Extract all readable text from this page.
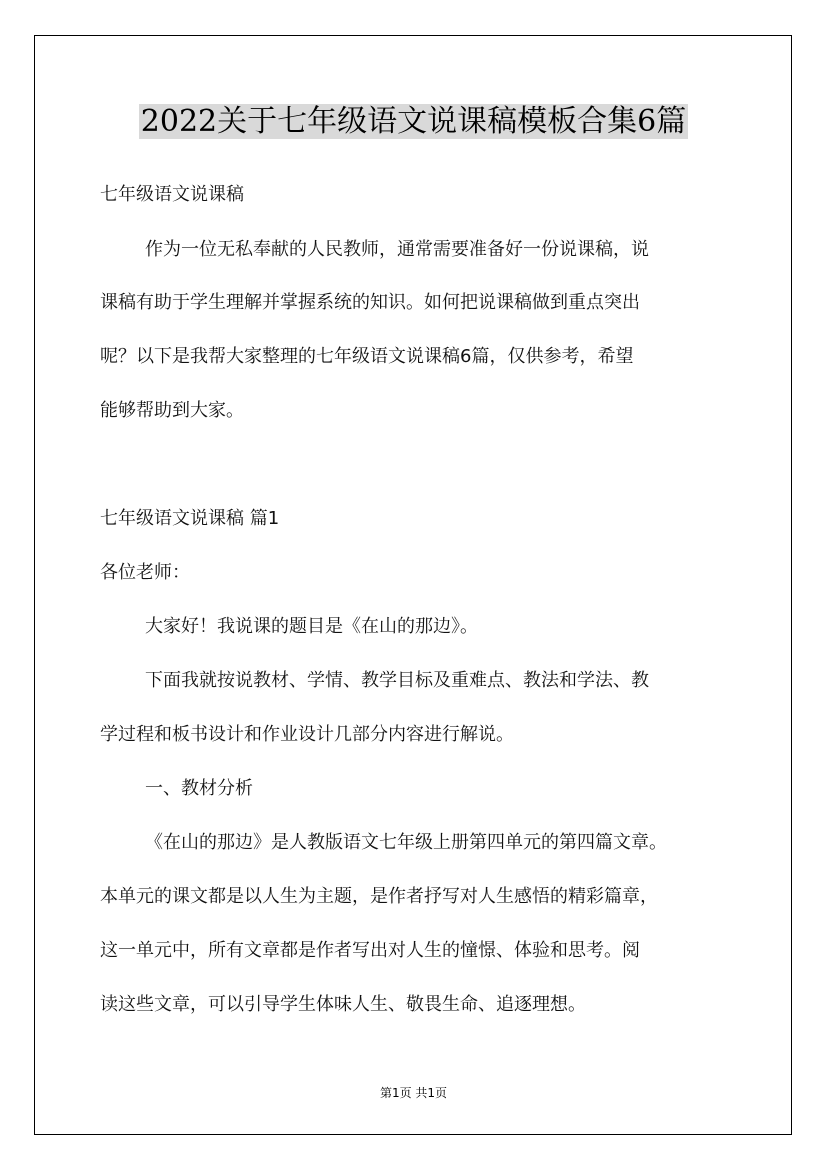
2022关于七年级语文说课稿模板合集6篇
七年级语文说课稿
作为一位无私奉献的人民教师，通常需要准备好一份说课稿，说
课稿有助于学生理解并掌握系统的知识。如何把说课稿做到重点突出
呢？以下是我帮大家整理的七年级语文说课稿6篇，仅供参考，希望
能够帮助到大家。
七年级语文说课稿 篇1
各位老师：
大家好！我说课的题目是《在山的那边》。
下面我就按说教材、学情、教学目标及重难点、教法和学法、教
学过程和板书设计和作业设计几部分内容进行解说。
一、教材分析
《在山的那边》是人教版语文七年级上册第四单元的第四篇文章。
本单元的课文都是以人生为主题，是作者抒写对人生感悟的精彩篇章，
这一单元中，所有文章都是作者写出对人生的憧憬、体验和思考。阅
读这些文章，可以引导学生体味人生、敬畏生命、追逐理想。
第1页 共1页
